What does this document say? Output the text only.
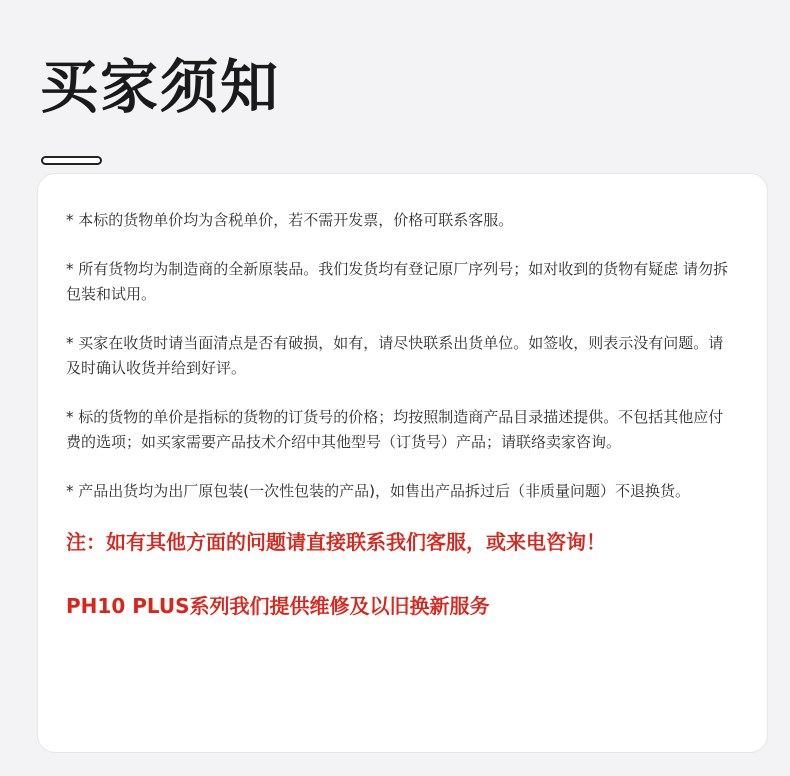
买家须知

* 本标的货物单价均为含税单价，若不需开发票，价格可联系客服。

* 所有货物均为制造商的全新原装品。我们发货均有登记原厂序列号；如对收到的货物有疑虑 请勿拆包装和试用。

* 买家在收货时请当面清点是否有破损，如有，请尽快联系出货单位。如签收，则表示没有问题。请及时确认收货并给到好评。

* 标的货物的单价是指标的货物的订货号的价格；均按照制造商产品目录描述提供。不包括其他应付费的选项；如买家需要产品技术介绍中其他型号（订货号）产品；请联络卖家咨询。

* 产品出货均为出厂原包装(一次性包装的产品)，如售出产品拆过后（非质量问题）不退换货。

注：如有其他方面的问题请直接联系我们客服，或来电咨询！

PH10 PLUS系列我们提供维修及以旧换新服务
